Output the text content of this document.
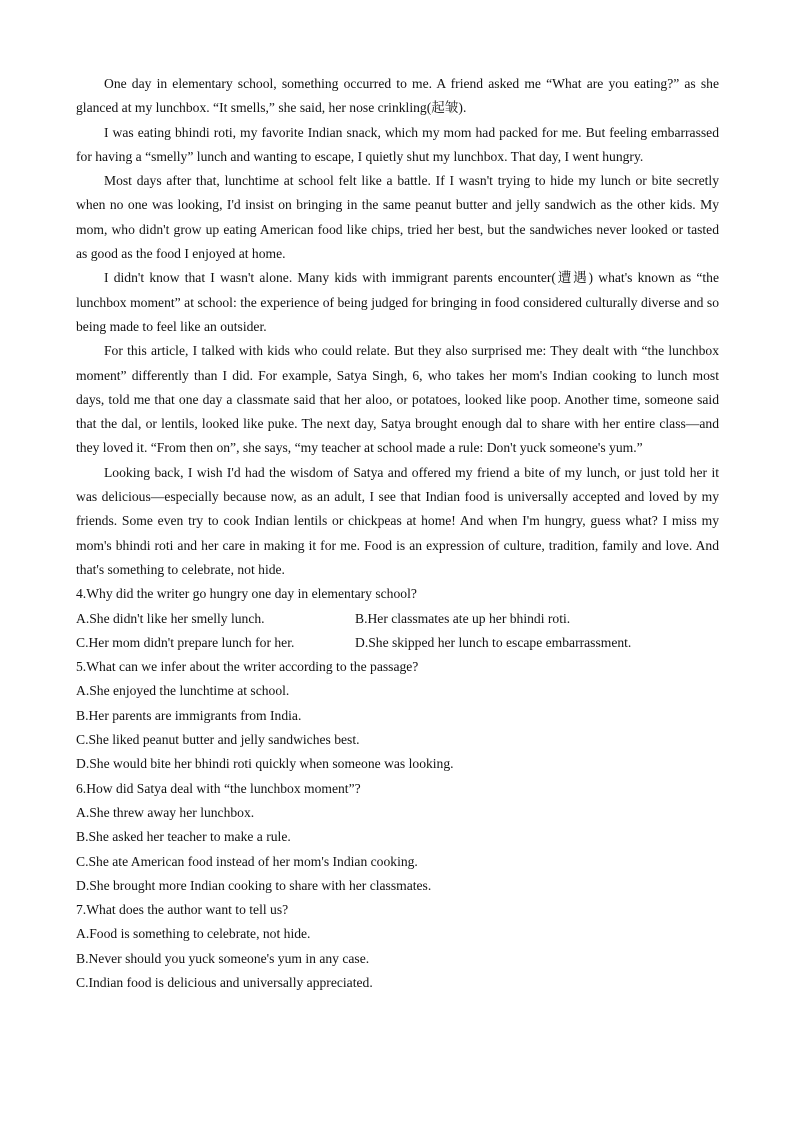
One day in elementary school, something occurred to me. A friend asked me “What are you eating?” as she glanced at my lunchbox. “It smells,” she said, her nose crinkling(起皱).

I was eating bhindi roti, my favorite Indian snack, which my mom had packed for me. But feeling embarrassed for having a “smelly” lunch and wanting to escape, I quietly shut my lunchbox. That day, I went hungry.

Most days after that, lunchtime at school felt like a battle. If I wasn't trying to hide my lunch or bite secretly when no one was looking, I'd insist on bringing in the same peanut butter and jelly sandwich as the other kids. My mom, who didn't grow up eating American food like chips, tried her best, but the sandwiches never looked or tasted as good as the food I enjoyed at home.

I didn't know that I wasn't alone. Many kids with immigrant parents encounter(遭遇) what's known as “the lunchbox moment” at school: the experience of being judged for bringing in food considered culturally diverse and so being made to feel like an outsider.

For this article, I talked with kids who could relate. But they also surprised me: They dealt with “the lunchbox moment” differently than I did. For example, Satya Singh, 6, who takes her mom's Indian cooking to lunch most days, told me that one day a classmate said that her aloo, or potatoes, looked like poop. Another time, someone said that the dal, or lentils, looked like puke. The next day, Satya brought enough dal to share with her entire class—and they loved it. “From then on”, she says, “my teacher at school made a rule: Don't yuck someone's yum.”

Looking back, I wish I'd had the wisdom of Satya and offered my friend a bite of my lunch, or just told her it was delicious—especially because now, as an adult, I see that Indian food is universally accepted and loved by my friends. Some even try to cook Indian lentils or chickpeas at home! And when I'm hungry, guess what? I miss my mom's bhindi roti and her care in making it for me. Food is an expression of culture, tradition, family and love. And that's something to celebrate, not hide.

4.Why did the writer go hungry one day in elementary school?

A.She didn't like her smelly lunch.	B.Her classmates ate up her bhindi roti.

C.Her mom didn't prepare lunch for her.	D.She skipped her lunch to escape embarrassment.

5.What can we infer about the writer according to the passage?

A.She enjoyed the lunchtime at school.

B.Her parents are immigrants from India.

C.She liked peanut butter and jelly sandwiches best.

D.She would bite her bhindi roti quickly when someone was looking.

6.How did Satya deal with “the lunchbox moment”?

A.She threw away her lunchbox.

B.She asked her teacher to make a rule.

C.She ate American food instead of her mom's Indian cooking.

D.She brought more Indian cooking to share with her classmates.

7.What does the author want to tell us?

A.Food is something to celebrate, not hide.

B.Never should you yuck someone's yum in any case.

C.Indian food is delicious and universally appreciated.
